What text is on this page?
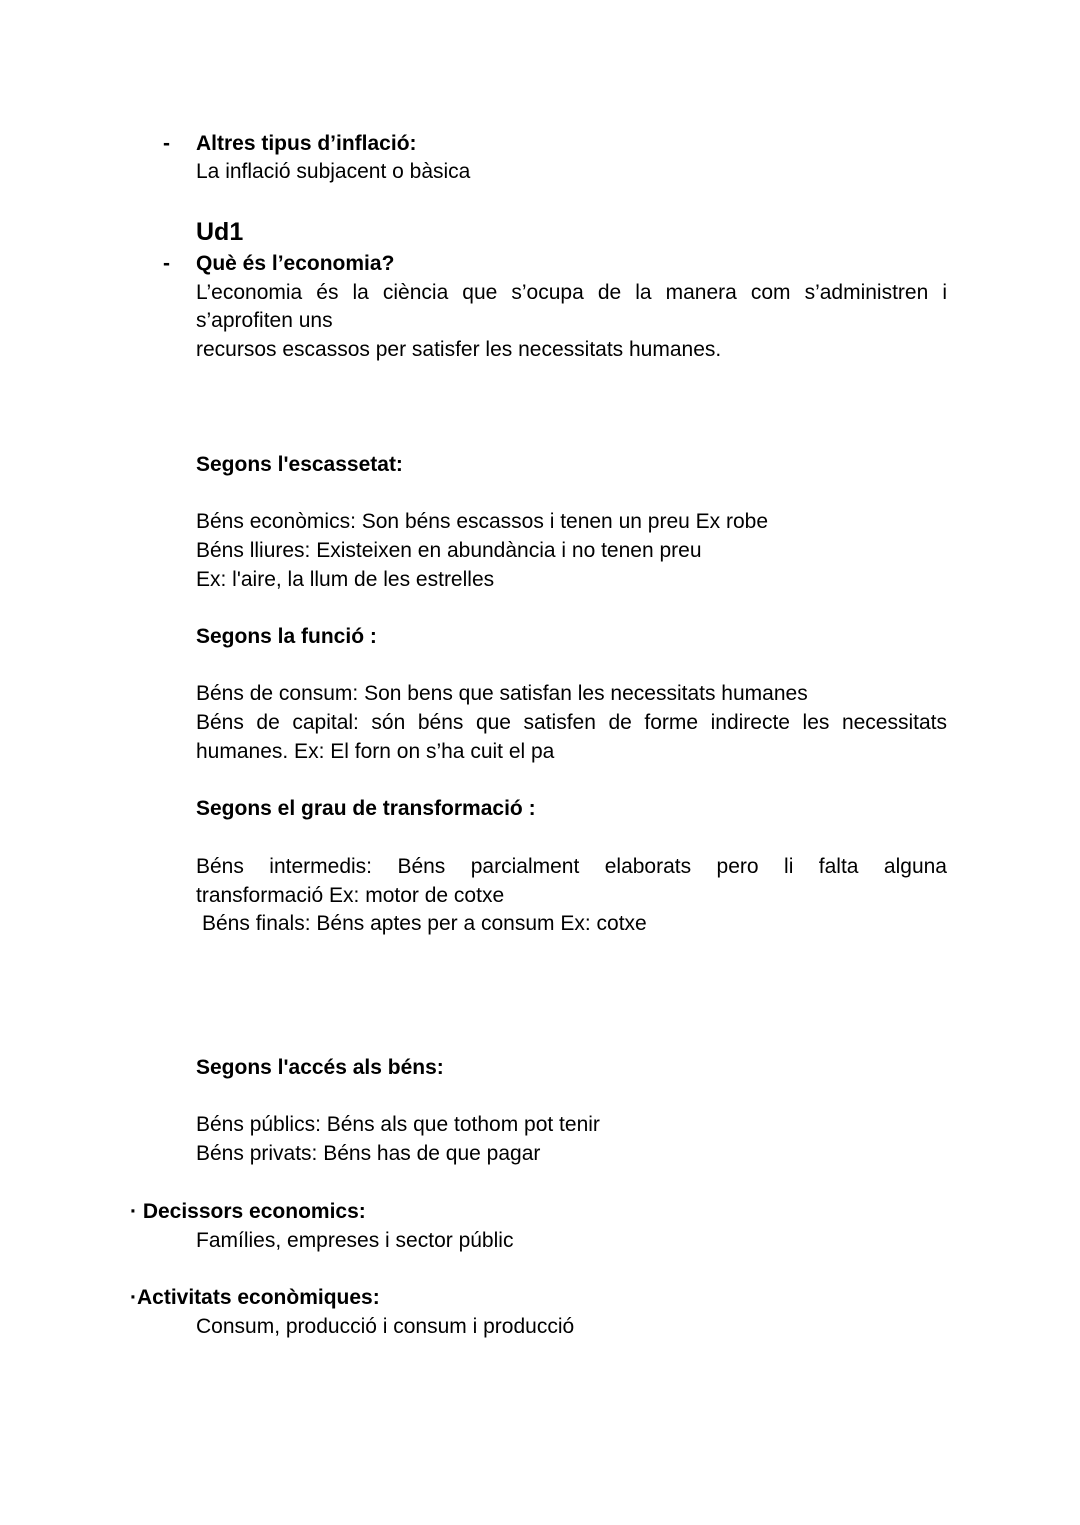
- Altres tipus d’inflació:

La inflació subjacent o bàsica

Ud1

- Què és l’economia?

L’economia és la ciència que s’ocupa de la manera com s’administren i

s’aprofiten uns

recursos escassos per satisfer les necessitats humanes.

Segons l'escassetat:

Béns econòmics: Son béns escassos i tenen un preu Ex robe

Béns lliures: Existeixen en abundància i no tenen preu

Ex: l'aire, la llum de les estrelles

Segons la funció :

Béns de consum: Son bens que satisfan les necessitats humanes

Béns de capital: són béns que satisfen de forme indirecte les necessitats

humanes. Ex: El forn on s’ha cuit el pa

Segons el grau de transformació :

Béns intermedis: Béns parcialment elaborats pero li falta alguna

transformació Ex: motor de cotxe

Béns finals: Béns aptes per a consum Ex: cotxe

Segons l'accés als béns:

Béns públics: Béns als que tothom pot tenir

Béns privats: Béns has de que pagar

· Decissors economics:

Famílies, empreses i sector públic

·Activitats econòmiques:

Consum, producció i consum i producció
